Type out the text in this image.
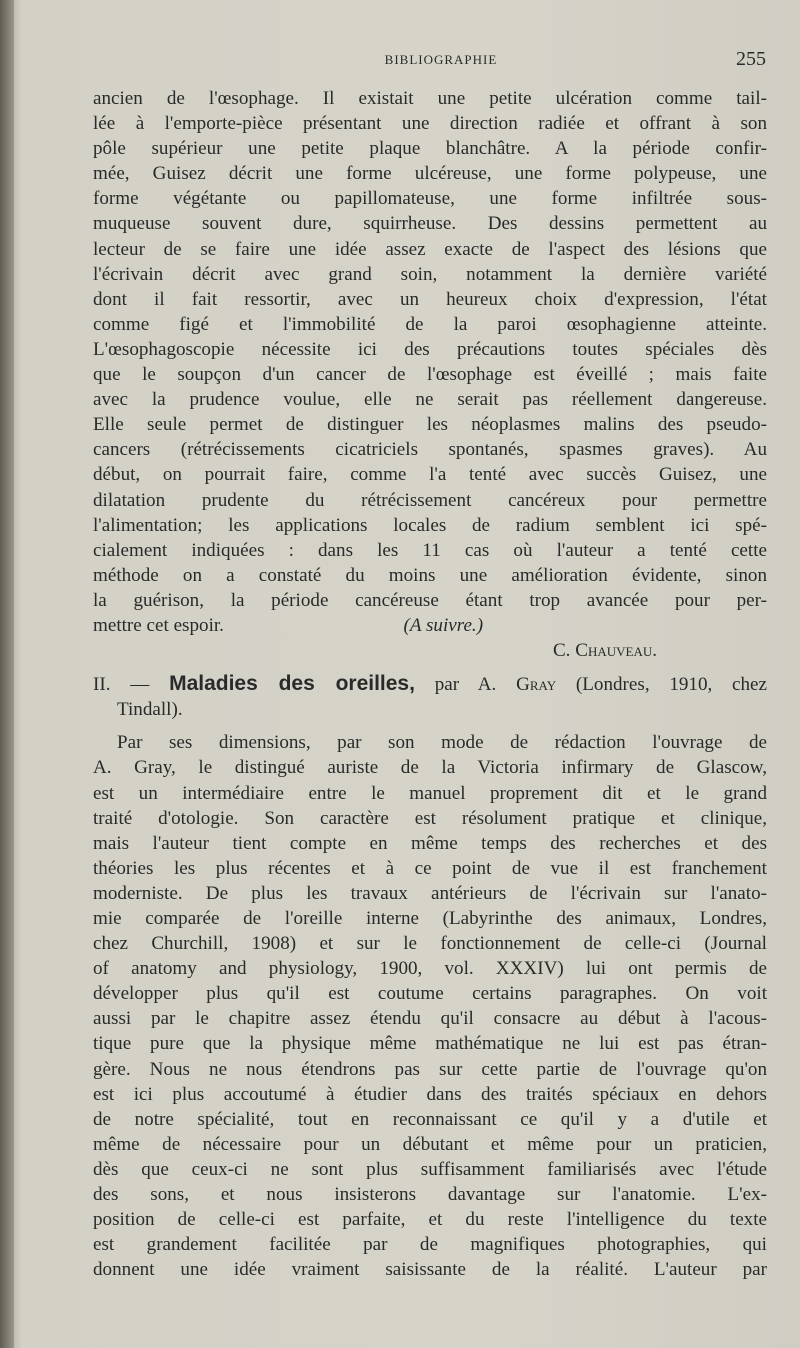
BIBLIOGRAPHIE	255

ancien de l'œsophage. Il existait une petite ulcération comme tail-

lée à l'emporte-pièce présentant une direction radiée et offrant à son

pôle supérieur une petite plaque blanchâtre. A la période confir-

mée, Guisez décrit une forme ulcéreuse, une forme polypeuse, une

forme végétante ou papillomateuse, une forme infiltrée sous-

muqueuse souvent dure, squirrheuse. Des dessins permettent au

lecteur de se faire une idée assez exacte de l'aspect des lésions que

l'écrivain décrit avec grand soin, notamment la dernière variété

dont il fait ressortir, avec un heureux choix d'expression, l'état

comme figé et l'immobilité de la paroi œsophagienne atteinte.

L'œsophagoscopie nécessite ici des précautions toutes spéciales dès

que le soupçon d'un cancer de l'œsophage est éveillé ; mais faite

avec la prudence voulue, elle ne serait pas réellement dangereuse.

Elle seule permet de distinguer les néoplasmes malins des pseudo-

cancers (rétrécissements cicatriciels spontanés, spasmes graves). Au

début, on pourrait faire, comme l'a tenté avec succès Guisez, une

dilatation prudente du rétrécissement cancéreux pour permettre

l'alimentation; les applications locales de radium semblent ici spé-

cialement indiquées : dans les 11 cas où l'auteur a tenté cette

méthode on a constaté du moins une amélioration évidente, sinon

la guérison, la période cancéreuse étant trop avancée pour per-

mettre cet espoir.	(A suivre.)

C. Chauveau.

II. — Maladies des oreilles, par A. Gray (Londres, 1910, chez

Tindall).

Par ses dimensions, par son mode de rédaction l'ouvrage de

A. Gray, le distingué auriste de la Victoria infirmary de Glascow,

est un intermédiaire entre le manuel proprement dit et le grand

traité d'otologie. Son caractère est résolument pratique et clinique,

mais l'auteur tient compte en même temps des recherches et des

théories les plus récentes et à ce point de vue il est franchement

moderniste. De plus les travaux antérieurs de l'écrivain sur l'anato-

mie comparée de l'oreille interne (Labyrinthe des animaux, Londres,

chez Churchill, 1908) et sur le fonctionnement de celle-ci (Journal

of anatomy and physiology, 1900, vol. XXXIV) lui ont permis de

développer plus qu'il est coutume certains paragraphes. On voit

aussi par le chapitre assez étendu qu'il consacre au début à l'acous-

tique pure que la physique même mathématique ne lui est pas étran-

gère. Nous ne nous étendrons pas sur cette partie de l'ouvrage qu'on

est ici plus accoutumé à étudier dans des traités spéciaux en dehors

de notre spécialité, tout en reconnaissant ce qu'il y a d'utile et

même de nécessaire pour un débutant et même pour un praticien,

dès que ceux-ci ne sont plus suffisamment familiarisés avec l'étude

des sons, et nous insisterons davantage sur l'anatomie. L'ex-

position de celle-ci est parfaite, et du reste l'intelligence du texte

est grandement facilitée par de magnifiques photographies, qui

donnent une idée vraiment saisissante de la réalité. L'auteur par
